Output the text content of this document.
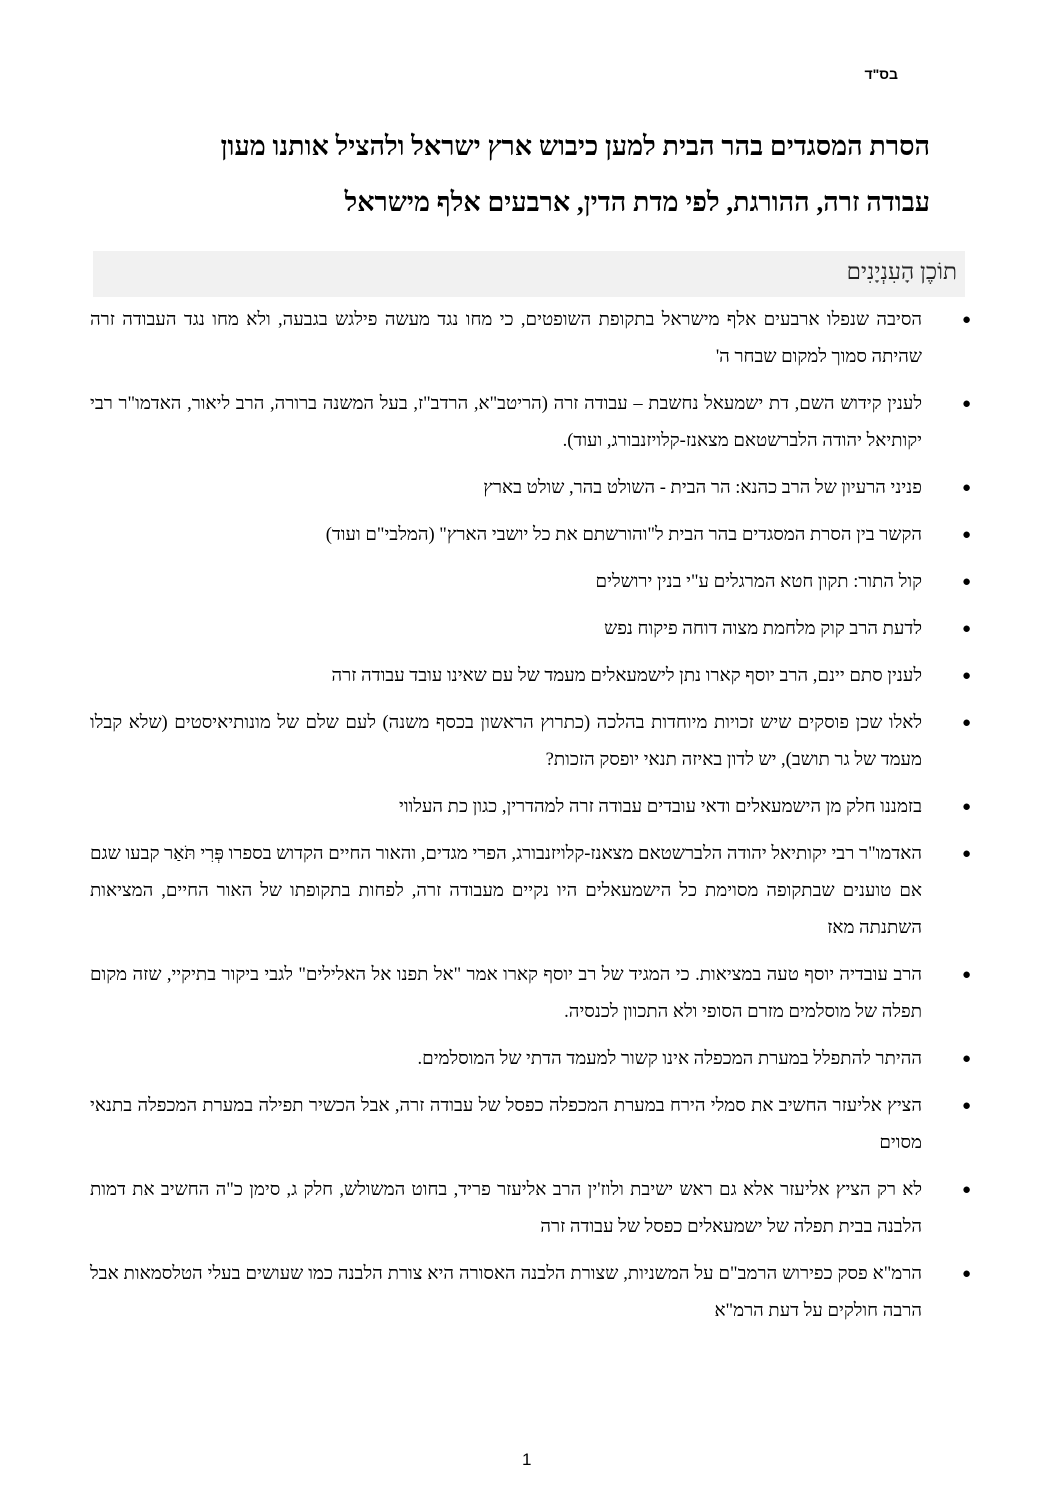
בס"ד
הסרת המסגדים בהר הבית למען כיבוש ארץ ישראל ולהציל אותנו מעון
עבודה זרה, ההורגת, לפי מדת הדין, ארבעים אלף מישראל
תוֹכֶן הָעִנְיָנִים
●
הסיבה שנפלו ארבעים אלף מישראל בתקופת השופטים, כי מחו נגד מעשה פילגש בגבעה, ולא מחו נגד העבודה זרה שהיתה סמוך למקום שבחר ה'
●
לענין קידוש השם, דת ישמעאל נחשבת – עבודה זרה (הריטב"א, הרדב"ז, בעל המשנה ברורה, הרב ליאור, האדמו"ר רבי יקותיאל יהודה הלברשטאם מצאנז-קלויזנבורג, ועוד).
●
פניני הרעיון של הרב כהנא: הר הבית - השולט בהר, שולט בארץ
●
הקשר בין הסרת המסגדים בהר הבית ל"והורשתם את כל יושבי הארץ" (המלבי"ם ועוד)
●
קול התור: תקון חטא המרגלים ע"י בנין ירושלים
●
לדעת הרב קוק מלחמת מצוה דוחה פיקוח נפש
●
לענין סתם יינם, הרב יוסף קארו נתן לישמעאלים מעמד של עם שאינו עובד עבודה זרה
●
לאלו שכן פוסקים שיש זכויות מיוחדות בהלכה (כתרוץ הראשון בכסף משנה) לעם שלם של מונותיאיסטים (שלא קבלו מעמד של גר תושב), יש לדון באיזה תנאי יופסק הזכות?
●
בזמננו חלק מן הישמעאלים ודאי עובדים עבודה זרה למהדרין, כגון כת העלווי
●
האדמו"ר רבי יקותיאל יהודה הלברשטאם מצאנז-קלויזנבורג, הפרי מגדים, והאור החיים הקדוש בספרו פְּרִי תֹּאַר קבעו שגם אם טוענים שבתקופה מסוימת כל הישמעאלים היו נקיים מעבודה זרה, לפחות בתקופתו של האור החיים, המציאות השתנתה מאז
●
הרב עובדיה יוסף טעה במציאות. כי המגיד של רב יוסף קארו אמר "אל תפנו אל האלילים" לגבי ביקור בתיקיי, שזה מקום תפלה של מוסלמים מזרם הסופי ולא התכוון לכנסיה.
●
ההיתר להתפלל במערת המכפלה אינו קשור למעמד הדתי של המוסלמים.
●
הציץ אליעזר החשיב את סמלי הירח במערת המכפלה כפסל של עבודה זרה, אבל הכשיר תפילה במערת המכפלה בתנאי מסוים
●
לא רק הציץ אליעזר אלא גם ראש ישיבת ולוז'ין הרב אליעזר פריד, בחוט המשולש, חלק ג, סימן כ"ה החשיב את דמות הלבנה בבית תפלה של ישמעאלים כפסל של עבודה זרה
●
הרמ"א פסק כפירוש הרמב"ם על המשניות, שצורת הלבנה האסורה היא צורת הלבנה כמו שעושים בעלי הטלסמאות אבל הרבה חולקים על דעת הרמ"א
1
